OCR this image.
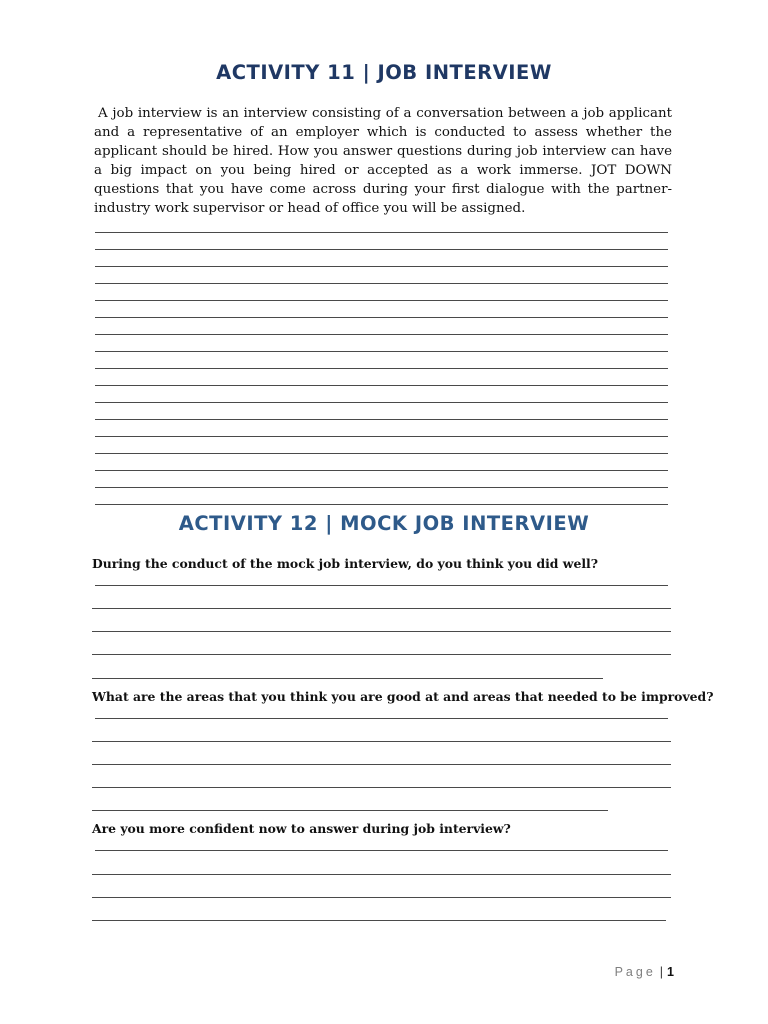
ACTIVITY 11 | JOB INTERVIEW

A job interview is an interview consisting of a conversation between a job applicant and a representative of an employer which is conducted to assess whether the applicant should be hired. How you answer questions during job interview can have a big impact on you being hired or accepted as a work immerse. JOT DOWN questions that you have come across during your first dialogue with the partner-industry work supervisor or head of office you will be assigned.

ACTIVITY 12 | MOCK JOB INTERVIEW

During the conduct of the mock job interview, do you think you did well?

What are the areas that you think you are good at and areas that needed to be improved?

Are you more confident now to answer during job interview?

Page | 1
